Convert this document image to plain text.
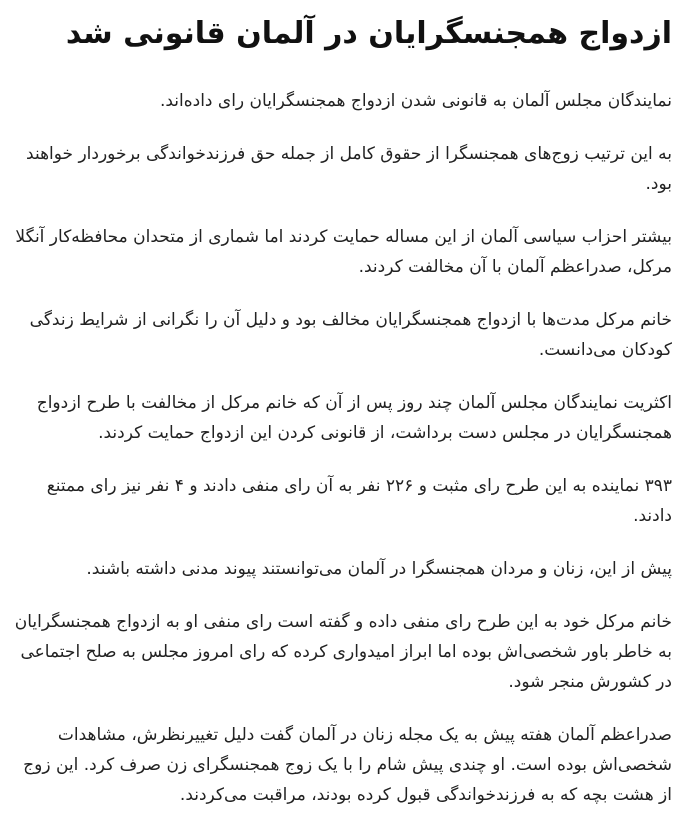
ازدواج همجنسگرایان در آلمان قانونی شد

نمایندگان مجلس آلمان به قانونی شدن ازدواج همجنسگرایان رای داده‌اند.

به این ترتیب زوج‌های همجنسگرا از حقوق کامل از جمله حق فرزندخواندگی برخوردار خواهند بود.

بیشتر احزاب سیاسی آلمان از این مساله حمایت کردند اما شماری از متحدان محافظه‌کار آنگلا مرکل، صدراعظم آلمان با آن مخالفت کردند.

خانم مرکل مدت‌ها با ازدواج همجنسگرایان مخالف بود و دلیل آن را نگرانی از شرایط زندگی کودکان می‌دانست.

اکثریت نمایندگان مجلس آلمان چند روز پس از آن که خانم مرکل از مخالفت با طرح ازدواج همجنسگرایان در مجلس دست برداشت، از قانونی کردن این ازدواج حمایت کردند.

۳۹۳ نماینده به این طرح رای مثبت و ۲۲۶ نفر به آن رای منفی دادند و ۴ نفر نیز رای ممتنع دادند.

پیش از این، زنان و مردان همجنسگرا در آلمان می‌توانستند پیوند مدنی داشته باشند.

خانم مرکل خود به این طرح رای منفی داده و گفته است رای منفی او به ازدواج همجنسگرایان به خاطر باور شخصی‌اش بوده اما ابراز امیدواری کرده که رای امروز مجلس به صلح اجتماعی در کشورش منجر شود.

صدراعظم آلمان هفته پیش به یک مجله زنان در آلمان گفت دلیل تغییرنظرش، مشاهدات شخصی‌اش بوده است. او چندی پیش شام را با یک زوج همجنسگرای زن صرف کرد. این زوج از هشت بچه که به فرزندخواندگی قبول کرده بودند، مراقبت می‌کردند.
